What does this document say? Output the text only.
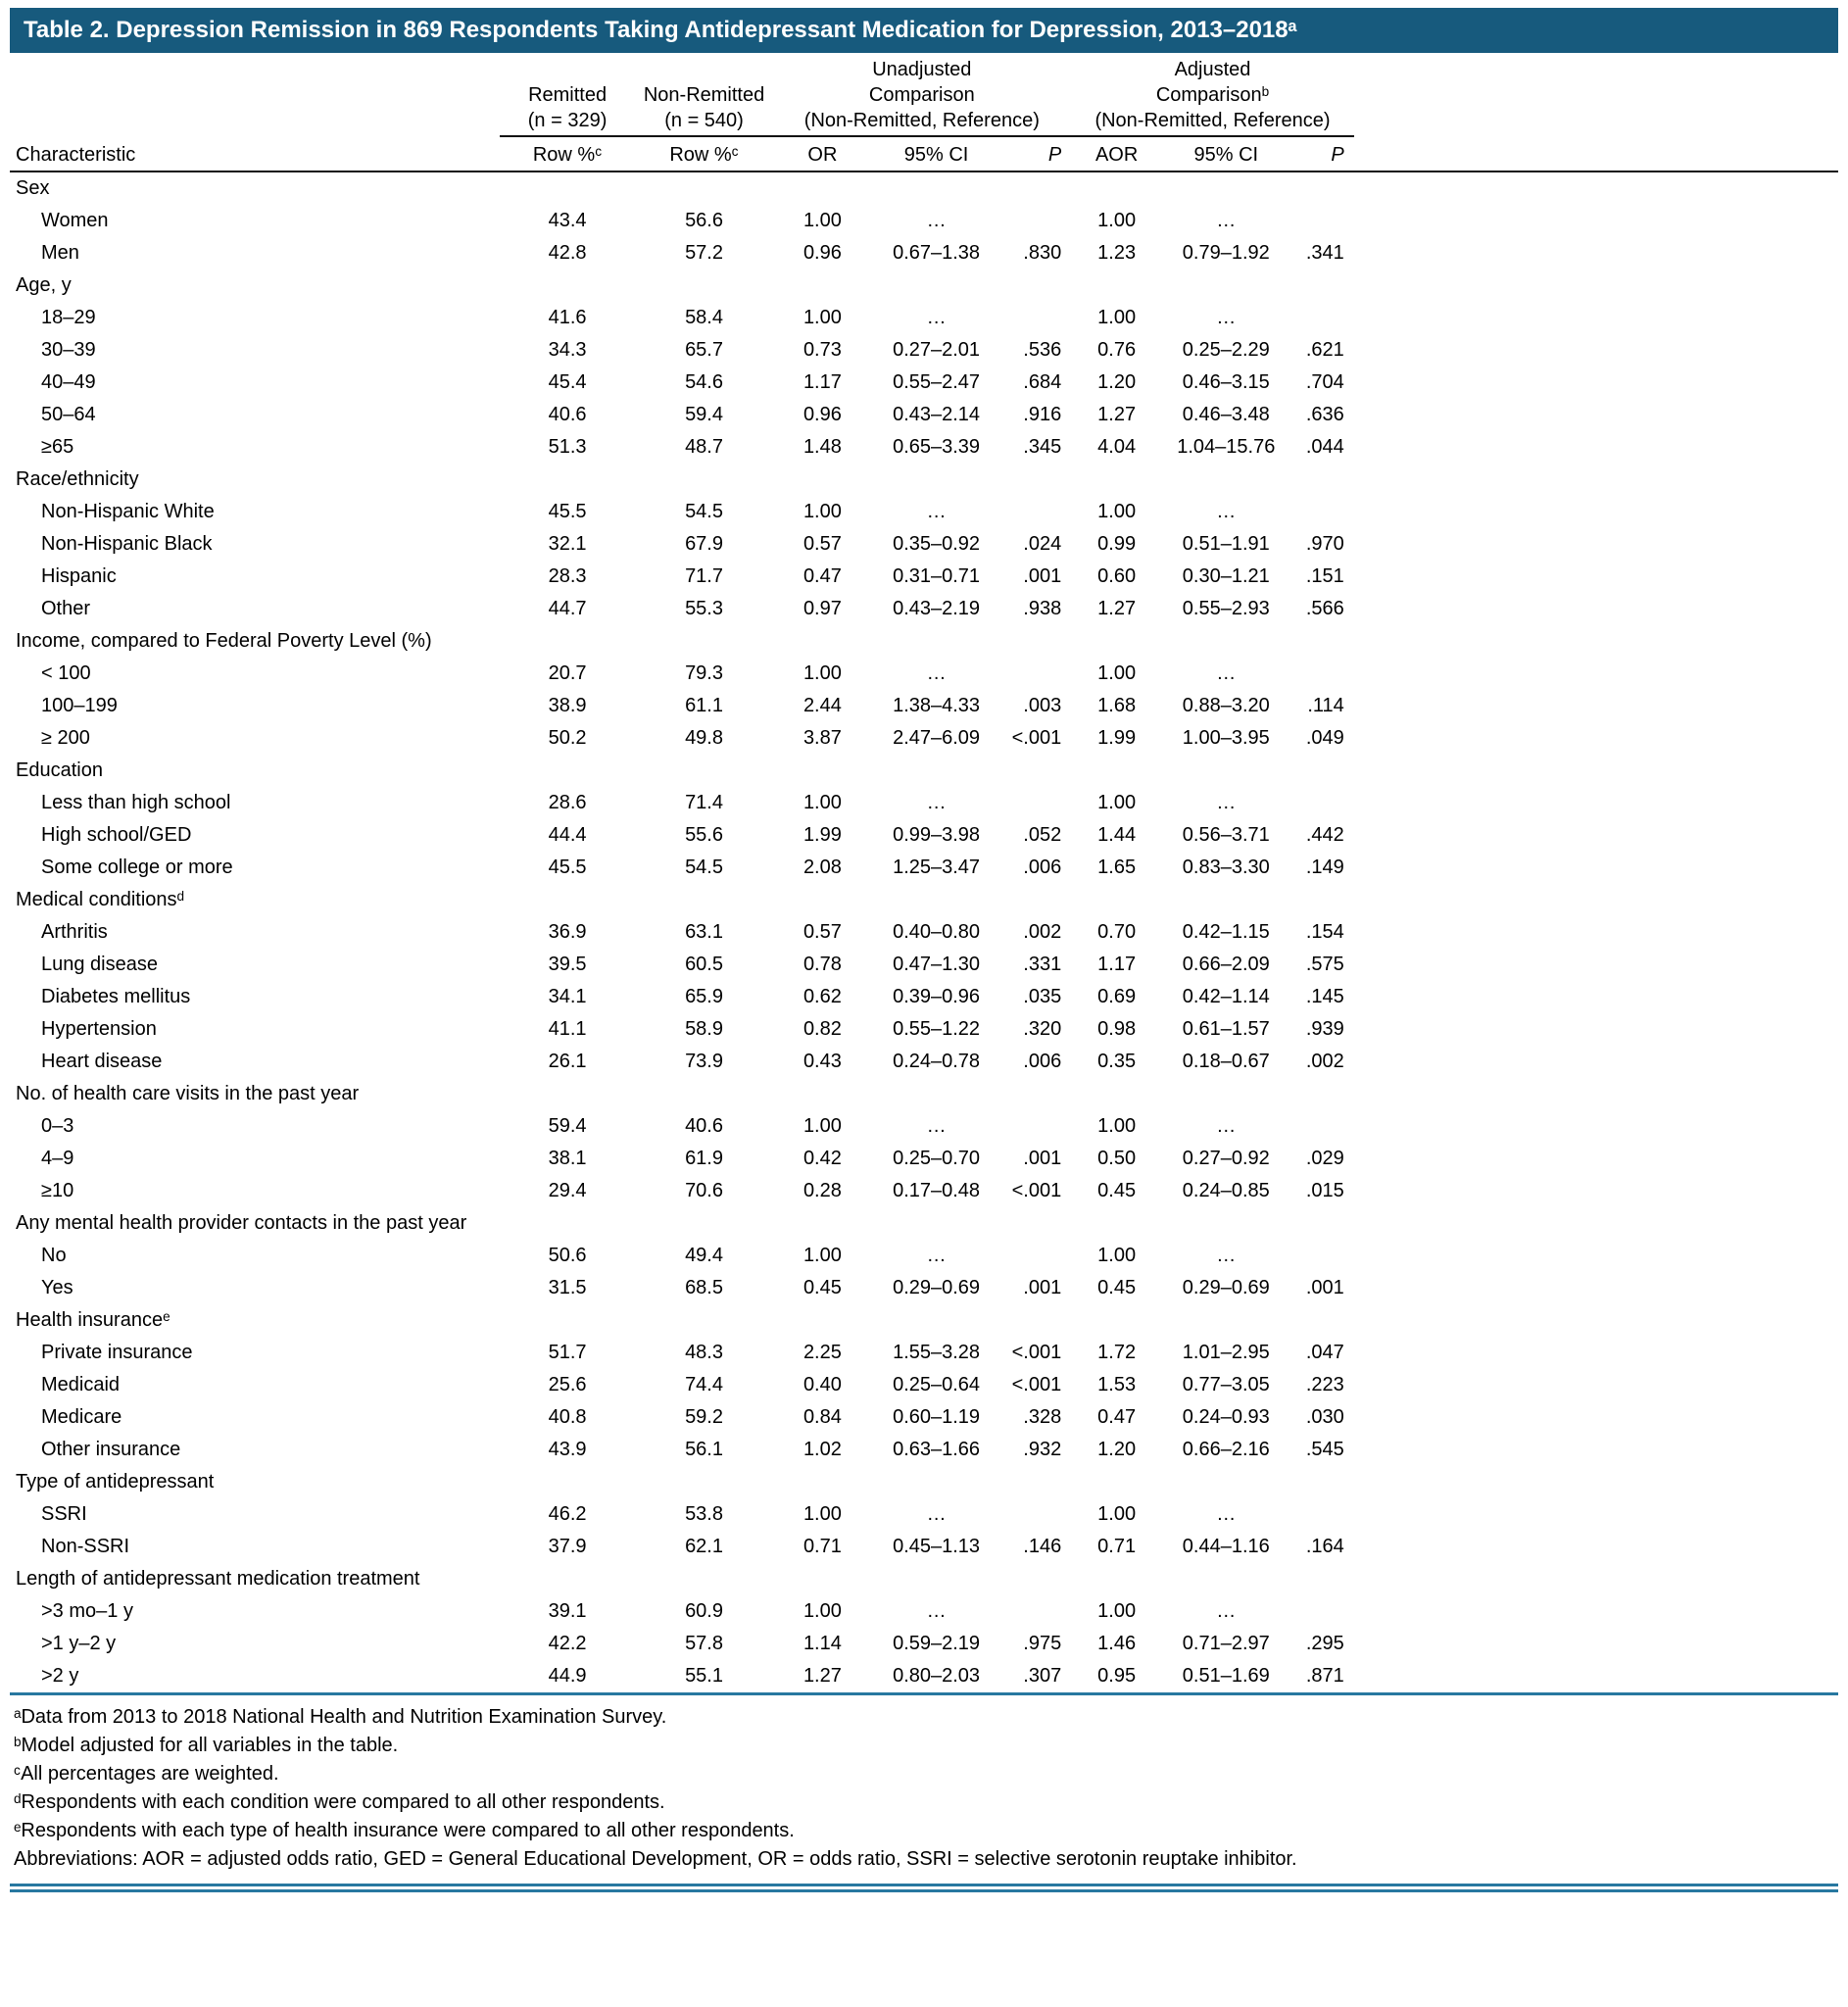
Table 2. Depression Remission in 869 Respondents Taking Antidepressant Medication for Depression, 2013–2018ᵃ

	Remitted
(n = 329)	Non-Remitted
(n = 540)	Unadjusted
Comparison
(Non-Remitted, Reference)			Adjusted
Comparisonᵇ
(Non-Remitted, Reference)			

Characteristic	Row %ᶜ	Row %ᶜ	OR	95% CI	P	AOR	95% CI	P	
Sex									
Women	43.4	56.6	1.00	…		1.00	…		
Men	42.8	57.2	0.96	0.67–1.38	.830	1.23	0.79–1.92	.341	
Age, y									
18–29	41.6	58.4	1.00	…		1.00	…		
30–39	34.3	65.7	0.73	0.27–2.01	.536	0.76	0.25–2.29	.621	
40–49	45.4	54.6	1.17	0.55–2.47	.684	1.20	0.46–3.15	.704	
50–64	40.6	59.4	0.96	0.43–2.14	.916	1.27	0.46–3.48	.636	
≥65	51.3	48.7	1.48	0.65–3.39	.345	4.04	1.04–15.76	.044	
Race/ethnicity									
Non-Hispanic White	45.5	54.5	1.00	…		1.00	…		
Non-Hispanic Black	32.1	67.9	0.57	0.35–0.92	.024	0.99	0.51–1.91	.970	
Hispanic	28.3	71.7	0.47	0.31–0.71	.001	0.60	0.30–1.21	.151	
Other	44.7	55.3	0.97	0.43–2.19	.938	1.27	0.55–2.93	.566	
Income, compared to Federal Poverty Level (%)									
< 100	20.7	79.3	1.00	…		1.00	…		
100–199	38.9	61.1	2.44	1.38–4.33	.003	1.68	0.88–3.20	.114	
≥ 200	50.2	49.8	3.87	2.47–6.09	<.001	1.99	1.00–3.95	.049	
Education									
Less than high school	28.6	71.4	1.00	…		1.00	…		
High school/GED	44.4	55.6	1.99	0.99–3.98	.052	1.44	0.56–3.71	.442	
Some college or more	45.5	54.5	2.08	1.25–3.47	.006	1.65	0.83–3.30	.149	
Medical conditionsᵈ									
Arthritis	36.9	63.1	0.57	0.40–0.80	.002	0.70	0.42–1.15	.154	
Lung disease	39.5	60.5	0.78	0.47–1.30	.331	1.17	0.66–2.09	.575	
Diabetes mellitus	34.1	65.9	0.62	0.39–0.96	.035	0.69	0.42–1.14	.145	
Hypertension	41.1	58.9	0.82	0.55–1.22	.320	0.98	0.61–1.57	.939	
Heart disease	26.1	73.9	0.43	0.24–0.78	.006	0.35	0.18–0.67	.002	
No. of health care visits in the past year									
0–3	59.4	40.6	1.00	…		1.00	…		
4–9	38.1	61.9	0.42	0.25–0.70	.001	0.50	0.27–0.92	.029	
≥10	29.4	70.6	0.28	0.17–0.48	<.001	0.45	0.24–0.85	.015	
Any mental health provider contacts in the past year									
No	50.6	49.4	1.00	…		1.00	…		
Yes	31.5	68.5	0.45	0.29–0.69	.001	0.45	0.29–0.69	.001	
Health insuranceᵉ									
Private insurance	51.7	48.3	2.25	1.55–3.28	<.001	1.72	1.01–2.95	.047	
Medicaid	25.6	74.4	0.40	0.25–0.64	<.001	1.53	0.77–3.05	.223	
Medicare	40.8	59.2	0.84	0.60–1.19	.328	0.47	0.24–0.93	.030	
Other insurance	43.9	56.1	1.02	0.63–1.66	.932	1.20	0.66–2.16	.545	
Type of antidepressant									
SSRI	46.2	53.8	1.00	…		1.00	…		
Non-SSRI	37.9	62.1	0.71	0.45–1.13	.146	0.71	0.44–1.16	.164	
Length of antidepressant medication treatment									
>3 mo–1 y	39.1	60.9	1.00	…		1.00	…		
>1 y–2 y	42.2	57.8	1.14	0.59–2.19	.975	1.46	0.71–2.97	.295	
>2 y	44.9	55.1	1.27	0.80–2.03	.307	0.95	0.51–1.69	.871	
ᵃData from 2013 to 2018 National Health and Nutrition Examination Survey.
ᵇModel adjusted for all variables in the table.
ᶜAll percentages are weighted.
ᵈRespondents with each condition were compared to all other respondents.
ᵉRespondents with each type of health insurance were compared to all other respondents.
Abbreviations: AOR = adjusted odds ratio, GED = General Educational Development, OR = odds ratio, SSRI = selective serotonin reuptake inhibitor.
